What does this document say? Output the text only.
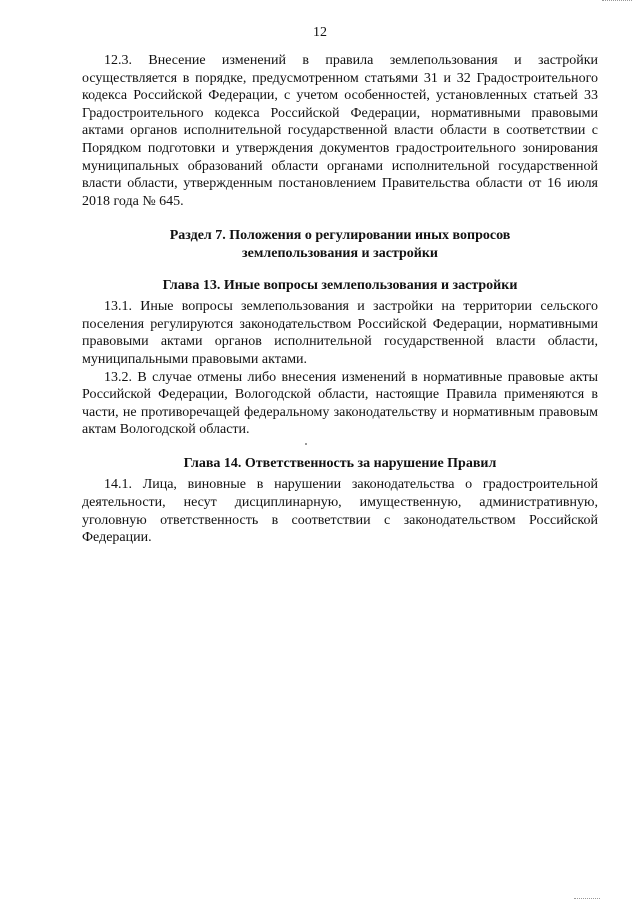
12

12.3. Внесение изменений в правила землепользования и застройки осуществляется в порядке, предусмотренном статьями 31 и 32 Градостроительного кодекса Российской Федерации, с учетом особенностей, установленных статьей 33 Градостроительного кодекса Российской Федерации, нормативными правовыми актами органов исполнительной государственной власти области в соответствии с Порядком подготовки и утверждения документов градостроительного зонирования муниципальных образований области органами исполнительной государственной власти области, утвержденным постановлением Правительства области от 16 июля 2018 года № 645.

Раздел 7. Положения о регулировании иных вопросов
землепользования и застройки
Глава 13. Иные вопросы землепользования и застройки

13.1. Иные вопросы землепользования и застройки на территории сельского поселения регулируются законодательством Российской Федерации, нормативными правовыми актами органов исполнительной государственной власти области, муниципальными правовыми актами.

13.2. В случае отмены либо внесения изменений в нормативные правовые акты Российской Федерации, Вологодской области, настоящие Правила применяются в части, не противоречащей федеральному законодательству и нормативным правовым актам Вологодской области.

Глава 14. Ответственность за нарушение Правил

14.1. Лица, виновные в нарушении законодательства о градостроительной деятельности, несут дисциплинарную, имущественную, административную, уголовную ответственность в соответствии с законодательством Российской Федерации.
